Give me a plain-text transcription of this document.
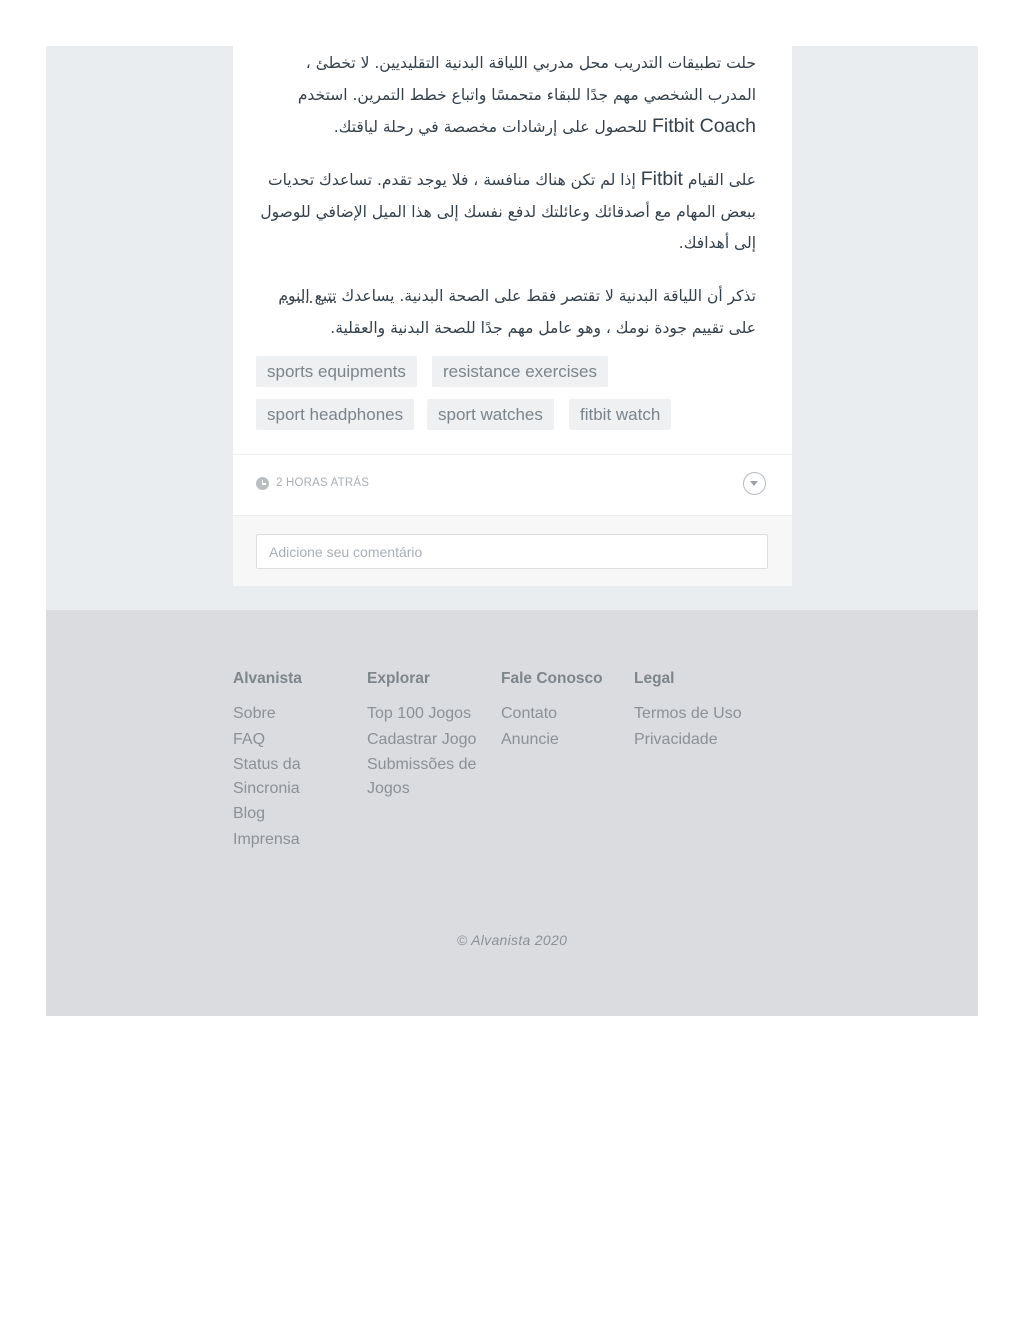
حلت تطبيقات التدريب محل مدربي اللياقة البدنية التقليديين. لا تخطئ ، المدرب الشخصي مهم جدًا للبقاء متحمسًا واتباع خطط التمرين. استخدم Fitbit Coach للحصول على إرشادات مخصصة في رحلة لياقتك.

على القيام Fitbit إذا لم تكن هناك منافسة ، فلا يوجد تقدم. تساعدك تحديات ببعض المهام مع أصدقائك وعائلتك لدفع نفسك إلى هذا الميل الإضافي للوصول إلى أهدافك.

تذكر أن اللياقة البدنية لا تقتصر فقط على الصحة البدنية. يساعدك تتبع النوم على تقييم جودة نومك ، وهو عامل مهم جدًا للصحة البدنية والعقلية.

sports equipments	resistance exercises
sport headphones	sport watches	fitbit watch
2 HORAS ATRÁS
Adicione seu comentário
Alvanista
Sobre
FAQ
Status da Sincronia
Blog
Imprensa
Explorar
Top 100 Jogos
Cadastrar Jogo
Submissões de Jogos
Fale Conosco
Contato
Anuncie
Legal
Termos de Uso
Privacidade
© Alvanista 2020
